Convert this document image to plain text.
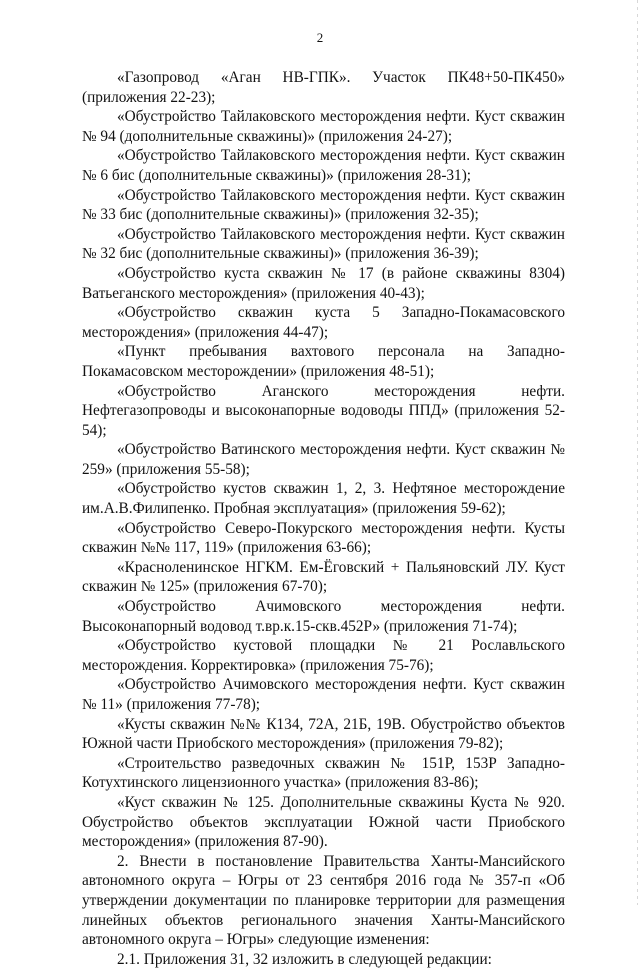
2

«Газопровод «Аган НВ-ГПК». Участок ПК48+50-ПК450» (приложения 22-23);

«Обустройство Тайлаковского месторождения нефти. Куст скважин № 94 (дополнительные скважины)» (приложения 24-27);

«Обустройство Тайлаковского месторождения нефти. Куст скважин № 6 бис (дополнительные скважины)» (приложения 28-31);

«Обустройство Тайлаковского месторождения нефти. Куст скважин № 33 бис (дополнительные скважины)» (приложения 32-35);

«Обустройство Тайлаковского месторождения нефти. Куст скважин № 32 бис (дополнительные скважины)» (приложения 36-39);

«Обустройство куста скважин № 17 (в районе скважины 8304) Ватьеганского месторождения» (приложения 40-43);

«Обустройство скважин куста 5 Западно-Покамасовского месторождения» (приложения 44-47);

«Пункт пребывания вахтового персонала на Западно-Покамасовском месторождении» (приложения 48-51);

«Обустройство Аганского месторождения нефти. Нефтегазопроводы и высоконапорные водоводы ППД» (приложения 52-54);

«Обустройство Ватинского месторождения нефти. Куст скважин № 259» (приложения 55-58);

«Обустройство кустов скважин 1, 2, 3. Нефтяное месторождение им.А.В.Филипенко. Пробная эксплуатация» (приложения 59-62);

«Обустройство Северо-Покурского месторождения нефти. Кусты скважин №№ 117, 119» (приложения 63-66);

«Красноленинское НГКМ. Ем-Ёговский + Пальяновский ЛУ. Куст скважин № 125» (приложения 67-70);

«Обустройство Ачимовского месторождения нефти. Высоконапорный водовод т.вр.к.15-скв.452Р» (приложения 71-74);

«Обустройство кустовой площадки № 21 Рославльского месторождения. Корректировка» (приложения 75-76);

«Обустройство Ачимовского месторождения нефти. Куст скважин № 11» (приложения 77-78);

«Кусты скважин №№ К134, 72А, 21Б, 19В. Обустройство объектов Южной части Приобского месторождения» (приложения 79-82);

«Строительство разведочных скважин № 151Р, 153Р Западно-Котухтинского лицензионного участка» (приложения 83-86);

«Куст скважин № 125. Дополнительные скважины Куста № 920. Обустройство объектов эксплуатации Южной части Приобского месторождения» (приложения 87-90).

2. Внести в постановление Правительства Ханты-Мансийского автономного округа – Югры от 23 сентября 2016 года № 357-п «Об утверждении документации по планировке территории для размещения линейных объектов регионального значения Ханты-Мансийского автономного округа – Югры» следующие изменения:

2.1. Приложения 31, 32 изложить в следующей редакции:
